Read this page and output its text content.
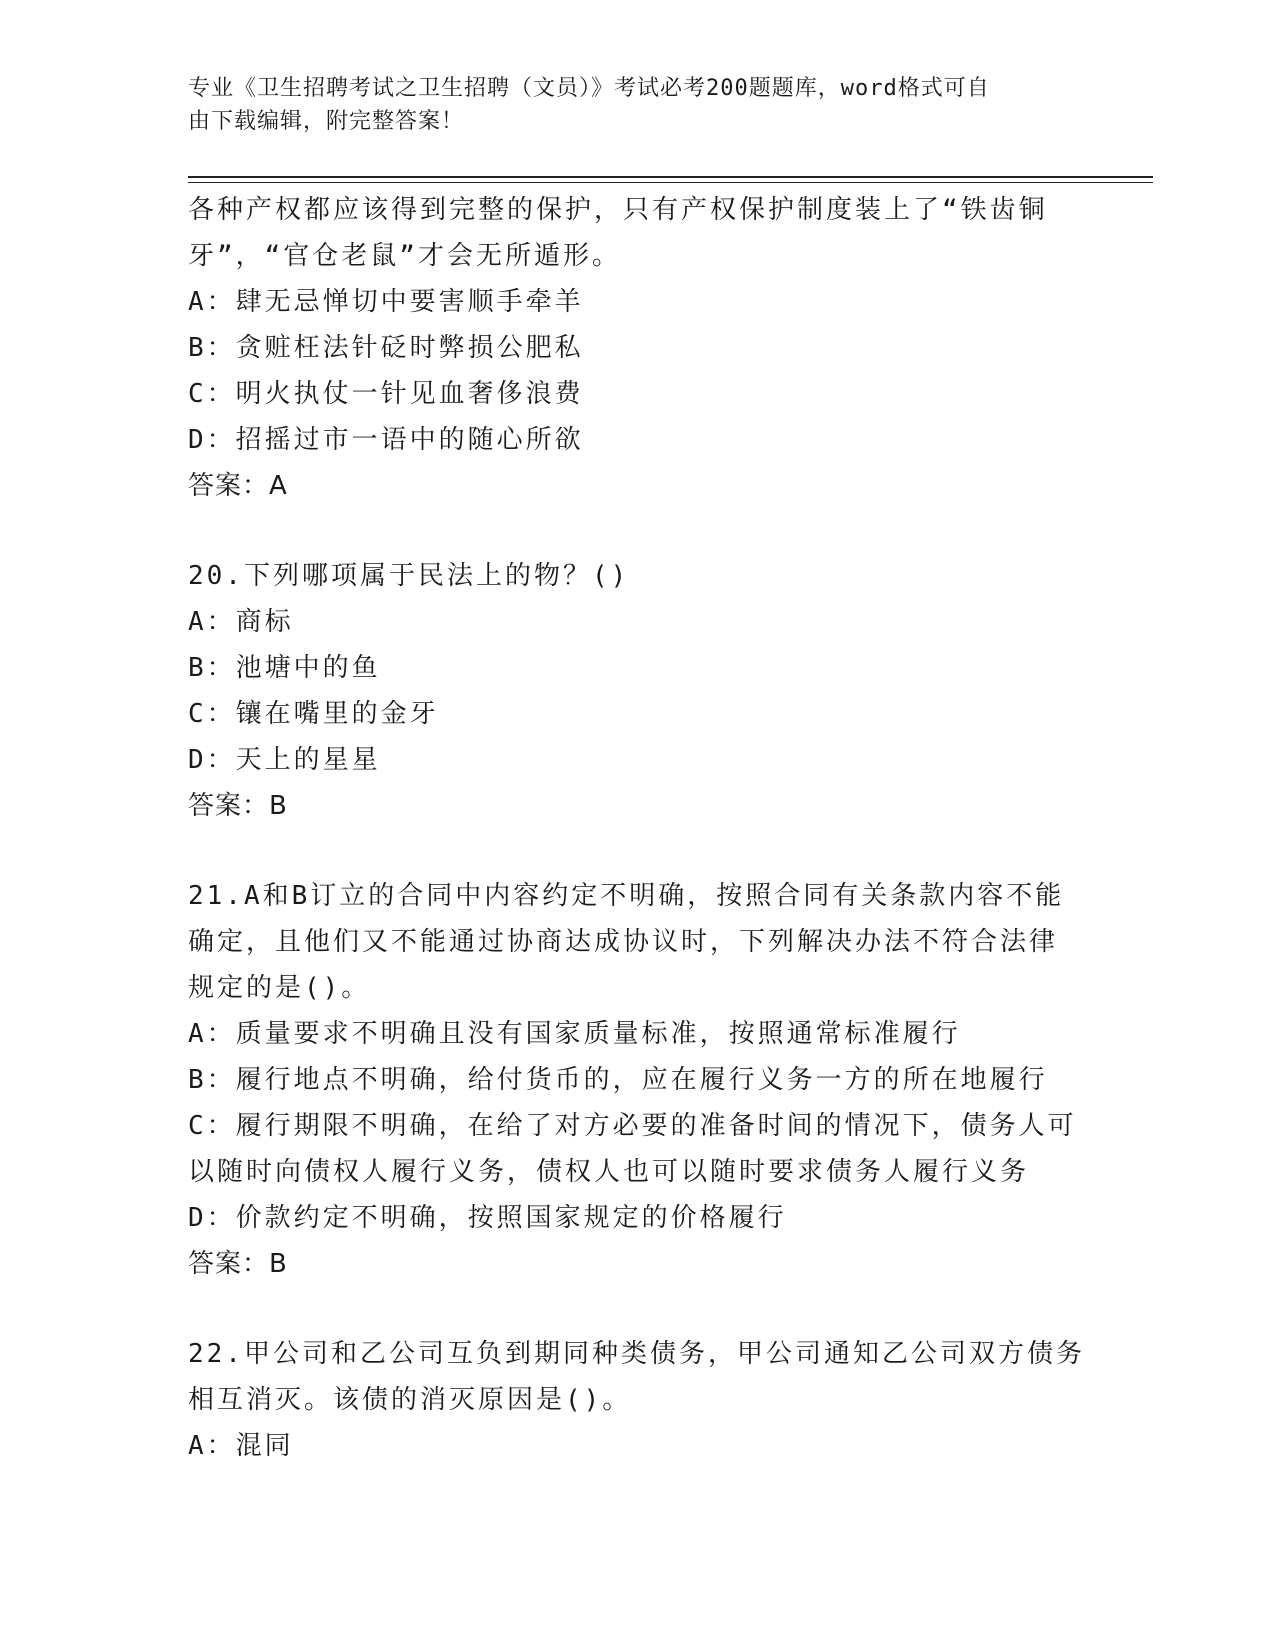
专业《卫生招聘考试之卫生招聘（文员）》考试必考200题题库，word格式可自
由下载编辑，附完整答案！
各种产权都应该得到完整的保护，只有产权保护制度装上了“铁齿铜
牙”，“官仓老鼠”才会无所遁形。
A：肆无忌惮切中要害顺手牵羊
B：贪赃枉法针砭时弊损公肥私
C：明火执仗一针见血奢侈浪费
D：招摇过市一语中的随心所欲
答案：A
20.下列哪项属于民法上的物？()
A：商标
B：池塘中的鱼
C：镶在嘴里的金牙
D：天上的星星
答案：B
21.A和B订立的合同中内容约定不明确，按照合同有关条款内容不能
确定，且他们又不能通过协商达成协议时，下列解决办法不符合法律
规定的是()。
A：质量要求不明确且没有国家质量标准，按照通常标准履行
B：履行地点不明确，给付货币的，应在履行义务一方的所在地履行
C：履行期限不明确，在给了对方必要的准备时间的情况下，债务人可
以随时向债权人履行义务，债权人也可以随时要求债务人履行义务
D：价款约定不明确，按照国家规定的价格履行
答案：B
22.甲公司和乙公司互负到期同种类债务，甲公司通知乙公司双方债务
相互消灭。该债的消灭原因是()。
A：混同
